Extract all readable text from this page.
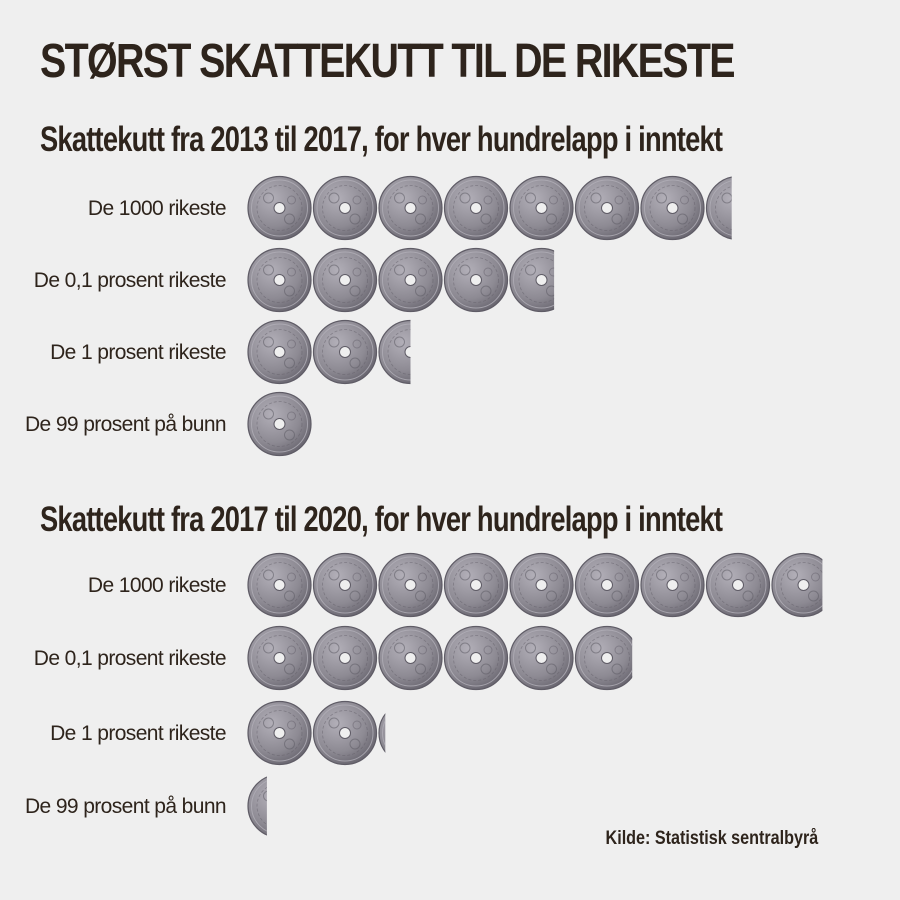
STØRST SKATTEKUTT TIL DE RIKESTE
Skattekutt fra 2013 til 2017, for hver hundrelapp i inntekt
Skattekutt fra 2017 til 2020, for hver hundrelapp i inntekt
De 1000 rikeste
De 0,1 prosent rikeste
De 1 prosent rikeste
De 99 prosent på bunn
De 1000 rikeste
De 0,1 prosent rikeste
De 1 prosent rikeste
De 99 prosent på bunn

Kilde: Statistisk sentralbyrå
